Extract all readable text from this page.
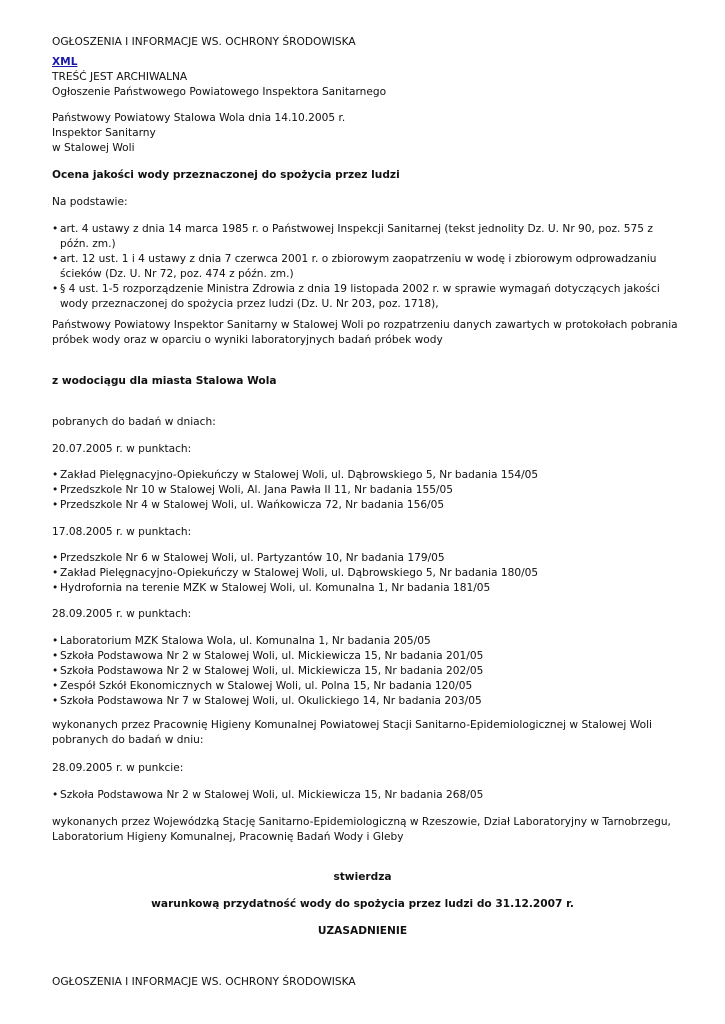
OGŁOSZENIA I INFORMACJE WS. OCHRONY ŚRODOWISKA

XML

TREŚĆ JEST ARCHIWALNA

Ogłoszenie Państwowego Powiatowego Inspektora Sanitarnego

Państwowy Powiatowy Stalowa Wola dnia 14.10.2005 r.

Inspektor Sanitarny

w Stalowej Woli

Ocena jakości wody przeznaczonej do spożycia przez ludzi

Na podstawie:

• art. 4 ustawy z dnia 14 marca 1985 r. o Państwowej Inspekcji Sanitarnej (tekst jednolity Dz. U. Nr 90, poz. 575 z późn. zm.)
• art. 12 ust. 1 i 4 ustawy z dnia 7 czerwca 2001 r. o zbiorowym zaopatrzeniu w wodę i zbiorowym odprowadzaniu ścieków (Dz. U. Nr 72, poz. 474 z późn. zm.)
• § 4 ust. 1-5 rozporządzenie Ministra Zdrowia z dnia 19 listopada 2002 r. w sprawie wymagań dotyczących jakości wody przeznaczonej do spożycia przez ludzi (Dz. U. Nr 203, poz. 1718),

Państwowy Powiatowy Inspektor Sanitarny w Stalowej Woli po rozpatrzeniu danych zawartych w protokołach pobrania próbek wody oraz w oparciu o wyniki laboratoryjnych badań próbek wody

z wodociągu dla miasta Stalowa Wola

pobranych do badań w dniach:

20.07.2005 r. w punktach:

• Zakład Pielęgnacyjno-Opiekuńczy w Stalowej Woli, ul. Dąbrowskiego 5, Nr badania 154/05
• Przedszkole Nr 10 w Stalowej Woli, Al. Jana Pawła II 11, Nr badania 155/05
• Przedszkole Nr 4 w Stalowej Woli, ul. Wańkowicza 72, Nr badania 156/05

17.08.2005 r. w punktach:

• Przedszkole Nr 6 w Stalowej Woli, ul. Partyzantów 10, Nr badania 179/05
• Zakład Pielęgnacyjno-Opiekuńczy w Stalowej Woli, ul. Dąbrowskiego 5, Nr badania 180/05
• Hydrofornia na terenie MZK w Stalowej Woli, ul. Komunalna 1, Nr badania 181/05

28.09.2005 r. w punktach:

• Laboratorium MZK Stalowa Wola, ul. Komunalna 1, Nr badania 205/05
• Szkoła Podstawowa Nr 2 w Stalowej Woli, ul. Mickiewicza 15, Nr badania 201/05
• Szkoła Podstawowa Nr 2 w Stalowej Woli, ul. Mickiewicza 15, Nr badania 202/05
• Zespół Szkół Ekonomicznych w Stalowej Woli, ul. Polna 15, Nr badania 120/05
• Szkoła Podstawowa Nr 7 w Stalowej Woli, ul. Okulickiego 14, Nr badania 203/05

wykonanych przez Pracownię Higieny Komunalnej Powiatowej Stacji Sanitarno-Epidemiologicznej w Stalowej Woli pobranych do badań w dniu:

28.09.2005 r. w punkcie:

• Szkoła Podstawowa Nr 2 w Stalowej Woli, ul. Mickiewicza 15, Nr badania 268/05

wykonanych przez Wojewódzką Stację Sanitarno-Epidemiologiczną w Rzeszowie, Dział Laboratoryjny w Tarnobrzegu, Laboratorium Higieny Komunalnej, Pracownię Badań Wody i Gleby

stwierdza

warunkową przydatność wody do spożycia przez ludzi do 31.12.2007 r.

UZASADNIENIE

OGŁOSZENIA I INFORMACJE WS. OCHRONY ŚRODOWISKA
